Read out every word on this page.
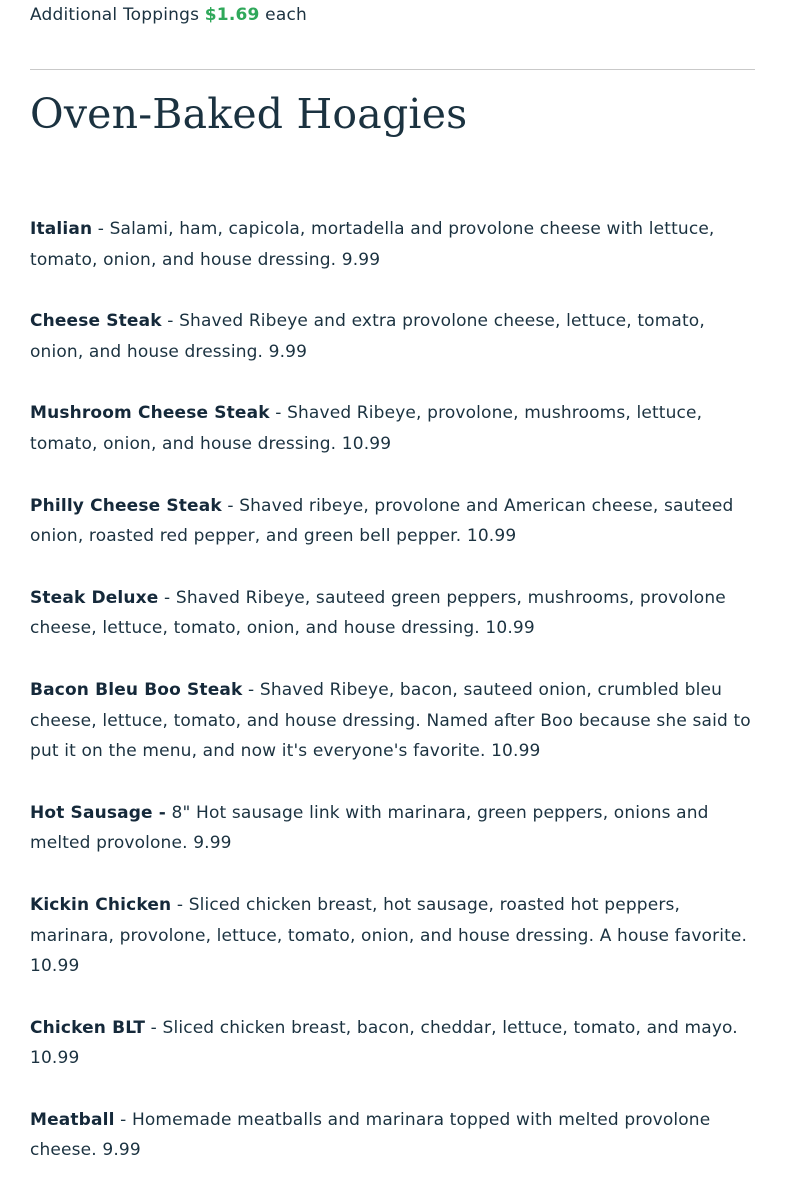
Additional Toppings $1.69 each

Oven-Baked Hoagies
Italian - Salami, ham, capicola, mortadella and provolone cheese with lettuce, tomato, onion, and house dressing. 9.99
Cheese Steak - Shaved Ribeye and extra provolone cheese, lettuce, tomato, onion, and house dressing. 9.99
Mushroom Cheese Steak - Shaved Ribeye, provolone, mushrooms, lettuce, tomato, onion, and house dressing. 10.99
Philly Cheese Steak - Shaved ribeye, provolone and American cheese, sauteed onion, roasted red pepper, and green bell pepper. 10.99
Steak Deluxe - Shaved Ribeye, sauteed green peppers, mushrooms, provolone cheese, lettuce, tomato, onion, and house dressing. 10.99
Bacon Bleu Boo Steak - Shaved Ribeye, bacon, sauteed onion, crumbled bleu cheese, lettuce, tomato, and house dressing. Named after Boo because she said to put it on the menu, and now it's everyone's favorite. 10.99
Hot Sausage - 8" Hot sausage link with marinara, green peppers, onions and melted provolone. 9.99
Kickin Chicken - Sliced chicken breast, hot sausage, roasted hot peppers, marinara, provolone, lettuce, tomato, onion, and house dressing. A house favorite. 10.99
Chicken BLT - Sliced chicken breast, bacon, cheddar, lettuce, tomato, and mayo. 10.99
Meatball - Homemade meatballs and marinara topped with melted provolone cheese. 9.99
